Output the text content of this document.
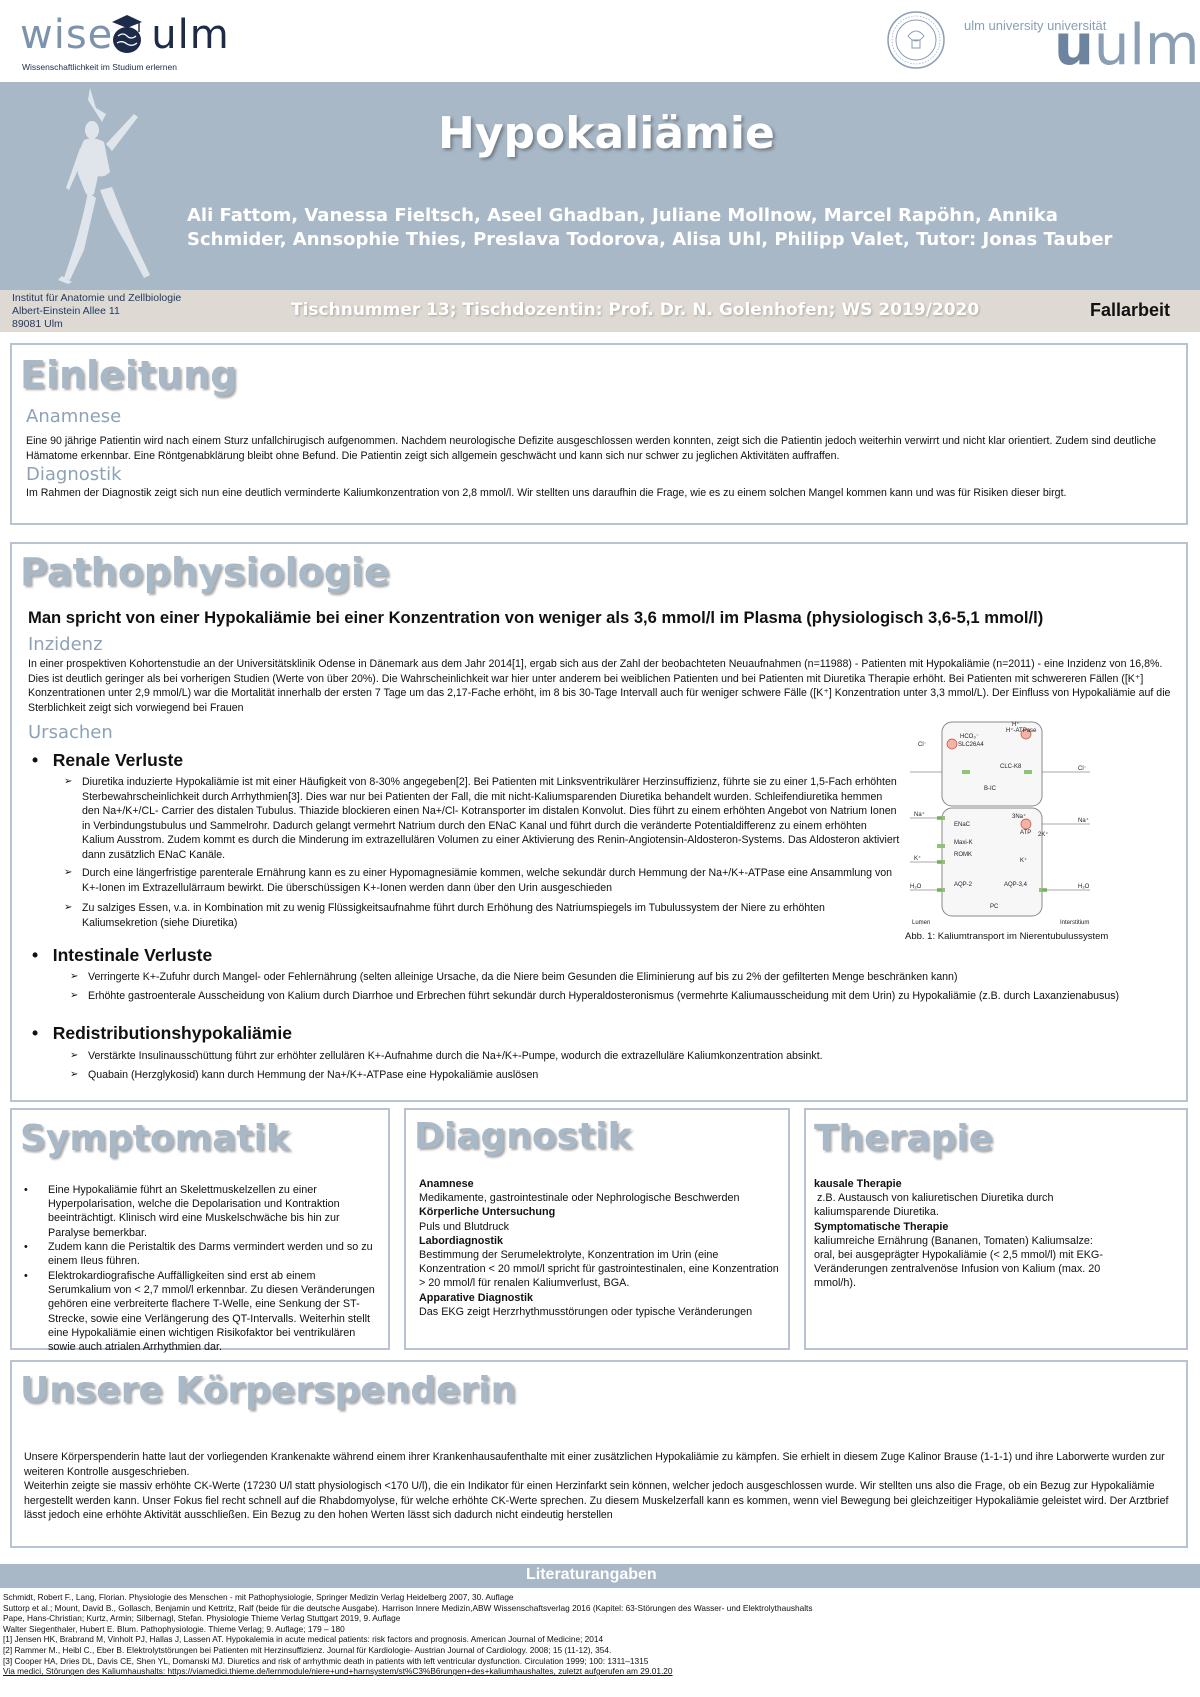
wise ulm
Wissenschaftlichkeit im Studium erlernen
ulm university universität
uulm
Hypokaliämie
Ali Fattom, Vanessa Fieltsch, Aseel Ghadban, Juliane Mollnow, Marcel Rapöhn, Annika Schmider, Annsophie Thies, Preslava Todorova, Alisa Uhl, Philipp Valet, Tutor: Jonas Tauber
Institut für Anatomie und Zellbiologie
Albert-Einstein Allee 11
89081 Ulm
Tischnummer 13; Tischdozentin: Prof. Dr. N. Golenhofen; WS 2019/2020	Fallarbeit
Einleitung
Anamnese
Eine 90 jährige Patientin wird nach einem Sturz unfallchirugisch aufgenommen. Nachdem neurologische Defizite ausgeschlossen werden konnten, zeigt sich die Patientin jedoch weiterhin verwirrt und nicht klar orientiert. Zudem sind deutliche Hämatome erkennbar. Eine Röntgenabklärung bleibt ohne Befund. Die Patientin zeigt sich allgemein geschwächt und kann sich nur schwer zu jeglichen Aktivitäten auffraffen.
Diagnostik
Im Rahmen der Diagnostik zeigt sich nun eine deutlich verminderte Kaliumkonzentration von 2,8 mmol/l. Wir stellten uns daraufhin die Frage, wie es zu einem solchen Mangel kommen kann und was für Risiken dieser birgt.
Pathophysiologie
Man spricht von einer Hypokaliämie bei einer Konzentration von weniger als 3,6 mmol/l im Plasma (physiologisch 3,6-5,1 mmol/l)
Inzidenz
In einer prospektiven Kohortenstudie an der Universitätsklinik Odense in Dänemark aus dem Jahr 2014[1], ergab sich aus der Zahl der beobachteten Neuaufnahmen (n=11988) - Patienten mit Hypokaliämie (n=2011) - eine Inzidenz von 16,8%. Dies ist deutlich geringer als bei vorherigen Studien (Werte von über 20%). Die Wahrscheinlichkeit war hier unter anderem bei weiblichen Patienten und bei Patienten mit Diuretika Therapie erhöht. Bei Patienten mit schwereren Fällen ([K⁺] Konzentrationen unter 2,9 mmol/L) war die Mortalität innerhalb der ersten 7 Tage um das 2,17-Fache erhöht, im 8 bis 30-Tage Intervall auch für weniger schwere Fälle ([K⁺] Konzentration unter 3,3 mmol/L). Der Einfluss von Hypokaliämie auf die Sterblichkeit zeigt sich vorwiegend bei Frauen
Ursachen
•   Renale Verluste
➢ Diuretika induzierte Hypokaliämie ist mit einer Häufigkeit von 8-30% angegeben[2]. Bei Patienten mit Linksventrikulärer Herzinsuffizienz, führte sie zu einer 1,5-Fach erhöhten Sterbewahrscheinlichkeit durch Arrhythmien[3]. Dies war nur bei Patienten der Fall, die mit nicht-Kaliumsparenden Diuretika behandelt wurden. Schleifendiuretika hemmen den Na+/K+/CL- Carrier des distalen Tubulus. Thiazide blockieren einen Na+/Cl- Kotransporter im distalen Konvolut. Dies führt zu einem erhöhten Angebot von Natrium Ionen in Verbindungstubulus und Sammelrohr. Dadurch gelangt vermehrt Natrium durch den ENaC Kanal und führt durch die veränderte Potentialdifferenz zu einem erhöhten Kalium Ausstrom. Zudem kommt es durch die Minderung im extrazellulären Volumen zu einer Aktivierung des Renin-Angiotensin-Aldosteron-Systems. Das Aldosteron aktiviert dann zusätzlich ENaC Kanäle.
➢ Durch eine längerfristige parenterale Ernährung kann es zu einer Hypomagnesiämie kommen, welche sekundär durch Hemmung der Na+/K+-ATPase eine Ansammlung von K+-Ionen im Extrazellulärraum bewirkt. Die überschüssigen K+-Ionen werden dann über den Urin ausgeschieden
➢ Zu salziges Essen, v.a. in Kombination mit zu wenig Flüssigkeitsaufnahme führt durch Erhöhung des Natriumspiegels im Tubulussystem der Niere zu erhöhten Kaliumsekretion (siehe Diuretika)
H⁺
H⁺-ATPase
HCO₃⁻
SLC26A4
Cl⁻
CLC-K8	Cl⁻
B-IC
Na⁺
ENaC
3Na⁺
ATP 2K⁺
Na⁺
Maxi-K
ROMK
K⁺	K⁺
H₂O	AQP-2	AQP-3,4	H₂O
PC
Lumen	Interstitium
Abb. 1: Kaliumtransport im Nierentubulussystem
•   Intestinale Verluste
➢ Verringerte K+-Zufuhr durch Mangel- oder Fehlernährung (selten alleinige Ursache, da die Niere beim Gesunden die Eliminierung auf bis zu 2% der gefilterten Menge beschränken kann)
➢ Erhöhte gastroenterale Ausscheidung von Kalium durch Diarrhoe und Erbrechen führt sekundär durch Hyperaldosteronismus (vermehrte Kaliumausscheidung mit dem Urin) zu Hypokaliämie (z.B. durch Laxanzienabusus)
•   Redistributionshypokaliämie
➢ Verstärkte Insulinausschüttung führt zur erhöhter zellulären K+-Aufnahme durch die Na+/K+-Pumpe, wodurch die extrazelluläre Kaliumkonzentration absinkt.
➢ Quabain (Herzglykosid) kann durch Hemmung der Na+/K+-ATPase eine Hypokaliämie auslösen
Symptomatik
• Eine Hypokaliämie führt an Skelettmuskelzellen zu einer Hyperpolarisation, welche die Depolarisation und Kontraktion beeinträchtigt. Klinisch wird eine Muskelschwäche bis hin zur Paralyse bemerkbar.
• Zudem kann die Peristaltik des Darms vermindert werden und so zu einem Ileus führen.
• Elektrokardiografische Auffälligkeiten sind erst ab einem Serumkalium von < 2,7 mmol/l erkennbar. Zu diesen Veränderungen gehören eine verbreiterte flachere T-Welle, eine Senkung der ST-Strecke, sowie eine Verlängerung des QT-Intervalls. Weiterhin stellt eine Hypokaliämie einen wichtigen Risikofaktor bei ventrikulären sowie auch atrialen Arrhythmien dar.
Diagnostik
Anamnese
Medikamente, gastrointestinale oder Nephrologische Beschwerden
Körperliche Untersuchung
Puls und Blutdruck
Labordiagnostik
Bestimmung der Serumelektrolyte, Konzentration im Urin (eine Konzentration < 20 mmol/l spricht für gastrointestinalen, eine Konzentration > 20 mmol/l für renalen Kaliumverlust, BGA.
Apparative Diagnostik
Das EKG zeigt Herzrhythmusstörungen oder typische Veränderungen
Therapie
kausale Therapie
z.B. Austausch von kaliuretischen Diuretika durch kaliumsparende Diuretika.
Symptomatische Therapie
kaliumreiche Ernährung (Bananen, Tomaten) Kaliumsalze: oral, bei ausgeprägter Hypokaliämie (< 2,5 mmol/l) mit EKG-Veränderungen zentralvenöse Infusion von Kalium (max. 20 mmol/h).
Unsere Körperspenderin
Unsere Körperspenderin hatte laut der vorliegenden Krankenakte während einem ihrer Krankenhausaufenthalte mit einer zusätzlichen Hypokaliämie zu kämpfen. Sie erhielt in diesem Zuge Kalinor Brause (1-1-1) und ihre Laborwerte wurden zur weiteren Kontrolle ausgeschrieben.
Weiterhin zeigte sie massiv erhöhte CK-Werte (17230 U/l statt physiologisch <170 U/l), die ein Indikator für einen Herzinfarkt sein können, welcher jedoch ausgeschlossen wurde. Wir stellten uns also die Frage, ob ein Bezug zur Hypokaliämie hergestellt werden kann. Unser Fokus fiel recht schnell auf die Rhabdomyolyse, für welche erhöhte CK-Werte sprechen. Zu diesem Muskelzerfall kann es kommen, wenn viel Bewegung bei gleichzeitiger Hypokaliämie geleistet wird. Der Arztbrief lässt jedoch eine erhöhte Aktivität ausschließen. Ein Bezug zu den hohen Werten lässt sich dadurch nicht eindeutig herstellen
Literaturangaben
Schmidt, Robert F., Lang, Florian. Physiologie des Menschen - mit Pathophysiologie, Springer Medizin Verlag Heidelberg 2007, 30. Auflage
Suttorp et al.; Mount, David B., Gollasch, Benjamin und Kettritz, Ralf (beide für die deutsche Ausgabe). Harrison Innere Medizin,ABW Wissenschaftsverlag 2016 (Kapitel: 63-Störungen des Wasser- und Elektrolythaushalts
Pape, Hans-Christian; Kurtz, Armin; Silbernagl, Stefan. Physiologie Thieme Verlag Stuttgart 2019, 9. Auflage
Walter Siegenthaler, Hubert E. Blum. Pathophysiologie. Thieme Verlag; 9. Auflage; 179 – 180
[1] Jensen HK, Brabrand M, Vinholt PJ, Hallas J, Lassen AT. Hypokalemia in acute medical patients: risk factors and prognosis. American Journal of Medicine; 2014
[2] Rammer M., Heibl C., Eber B. Elektrolytstörungen bei Patienten mit Herzinsuffizienz. Journal für Kardiologie- Austrian Journal of Cardiology. 2008; 15 (11-12), 354.
[3] Cooper HA, Dries DL, Davis CE, Shen YL, Domanski MJ. Diuretics and risk of arrhythmic death in patients with left ventricular dysfunction. Circulation 1999; 100: 1311–1315
Via medici, Störungen des Kaliumhaushalts: https://viamedici.thieme.de/lernmodule/niere+und+harnsystem/st%C3%B6rungen+des+kaliumhaushaltes, zuletzt aufgerufen am 29.01.20
